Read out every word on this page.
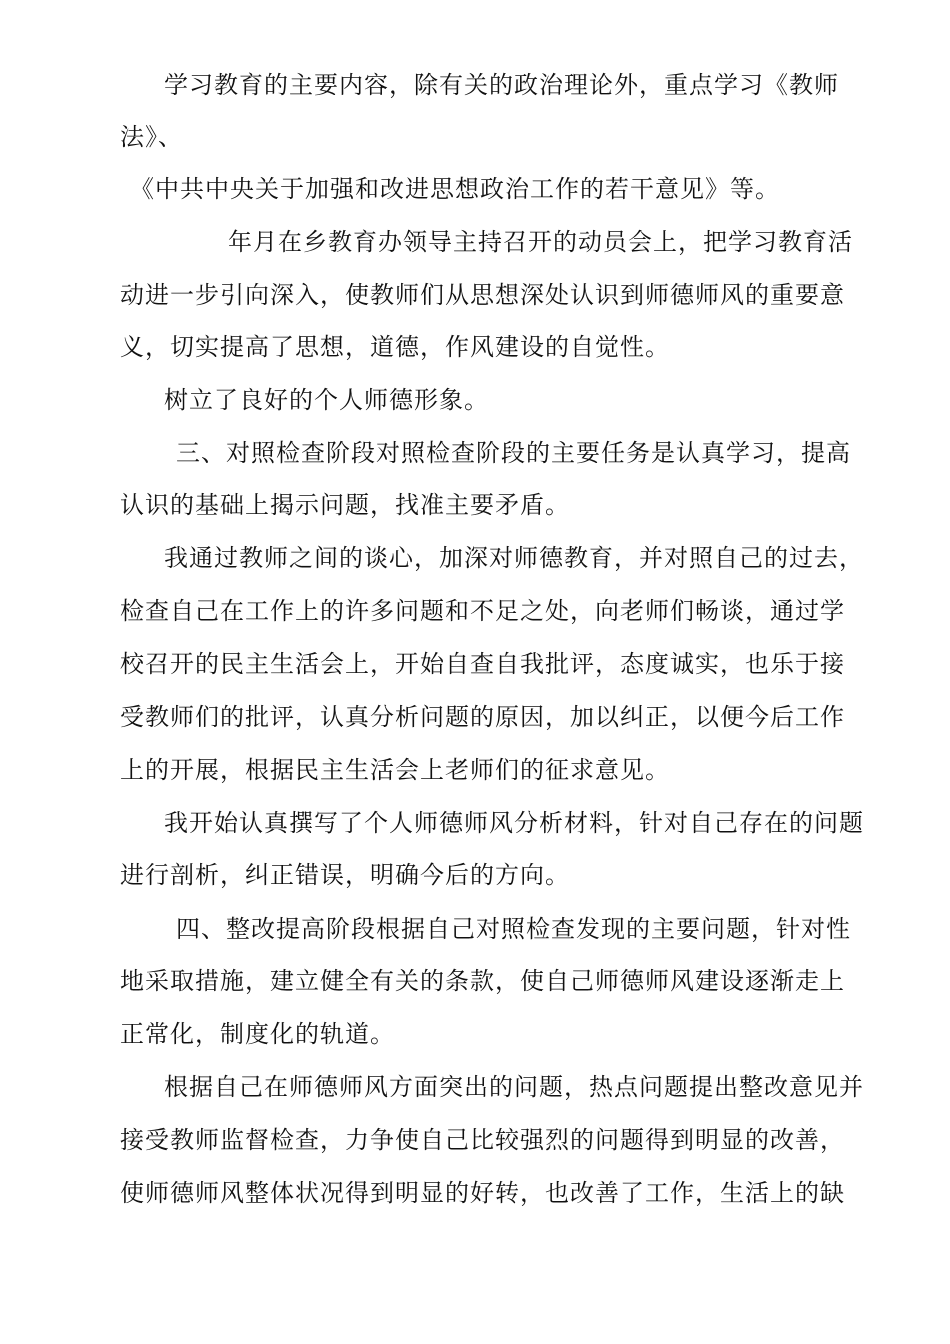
学习教育的主要内容，除有关的政治理论外，重点学习《教师
法》、
《中共中央关于加强和改进思想政治工作的若干意见》等。
年月在乡教育办领导主持召开的动员会上，把学习教育活
动进一步引向深入，使教师们从思想深处认识到师德师风的重要意
义，切实提高了思想，道德，作风建设的自觉性。
树立了良好的个人师德形象。
三、对照检查阶段对照检查阶段的主要任务是认真学习，提高
认识的基础上揭示问题，找准主要矛盾。
我通过教师之间的谈心，加深对师德教育，并对照自己的过去，
检查自己在工作上的许多问题和不足之处，向老师们畅谈，通过学
校召开的民主生活会上，开始自查自我批评，态度诚实，也乐于接
受教师们的批评，认真分析问题的原因，加以纠正，以便今后工作
上的开展，根据民主生活会上老师们的征求意见。
我开始认真撰写了个人师德师风分析材料，针对自己存在的问题
进行剖析，纠正错误，明确今后的方向。
四、整改提高阶段根据自己对照检查发现的主要问题，针对性
地采取措施，建立健全有关的条款，使自己师德师风建设逐渐走上
正常化，制度化的轨道。
根据自己在师德师风方面突出的问题，热点问题提出整改意见并
接受教师监督检查，力争使自己比较强烈的问题得到明显的改善，
使师德师风整体状况得到明显的好转，也改善了工作，生活上的缺
